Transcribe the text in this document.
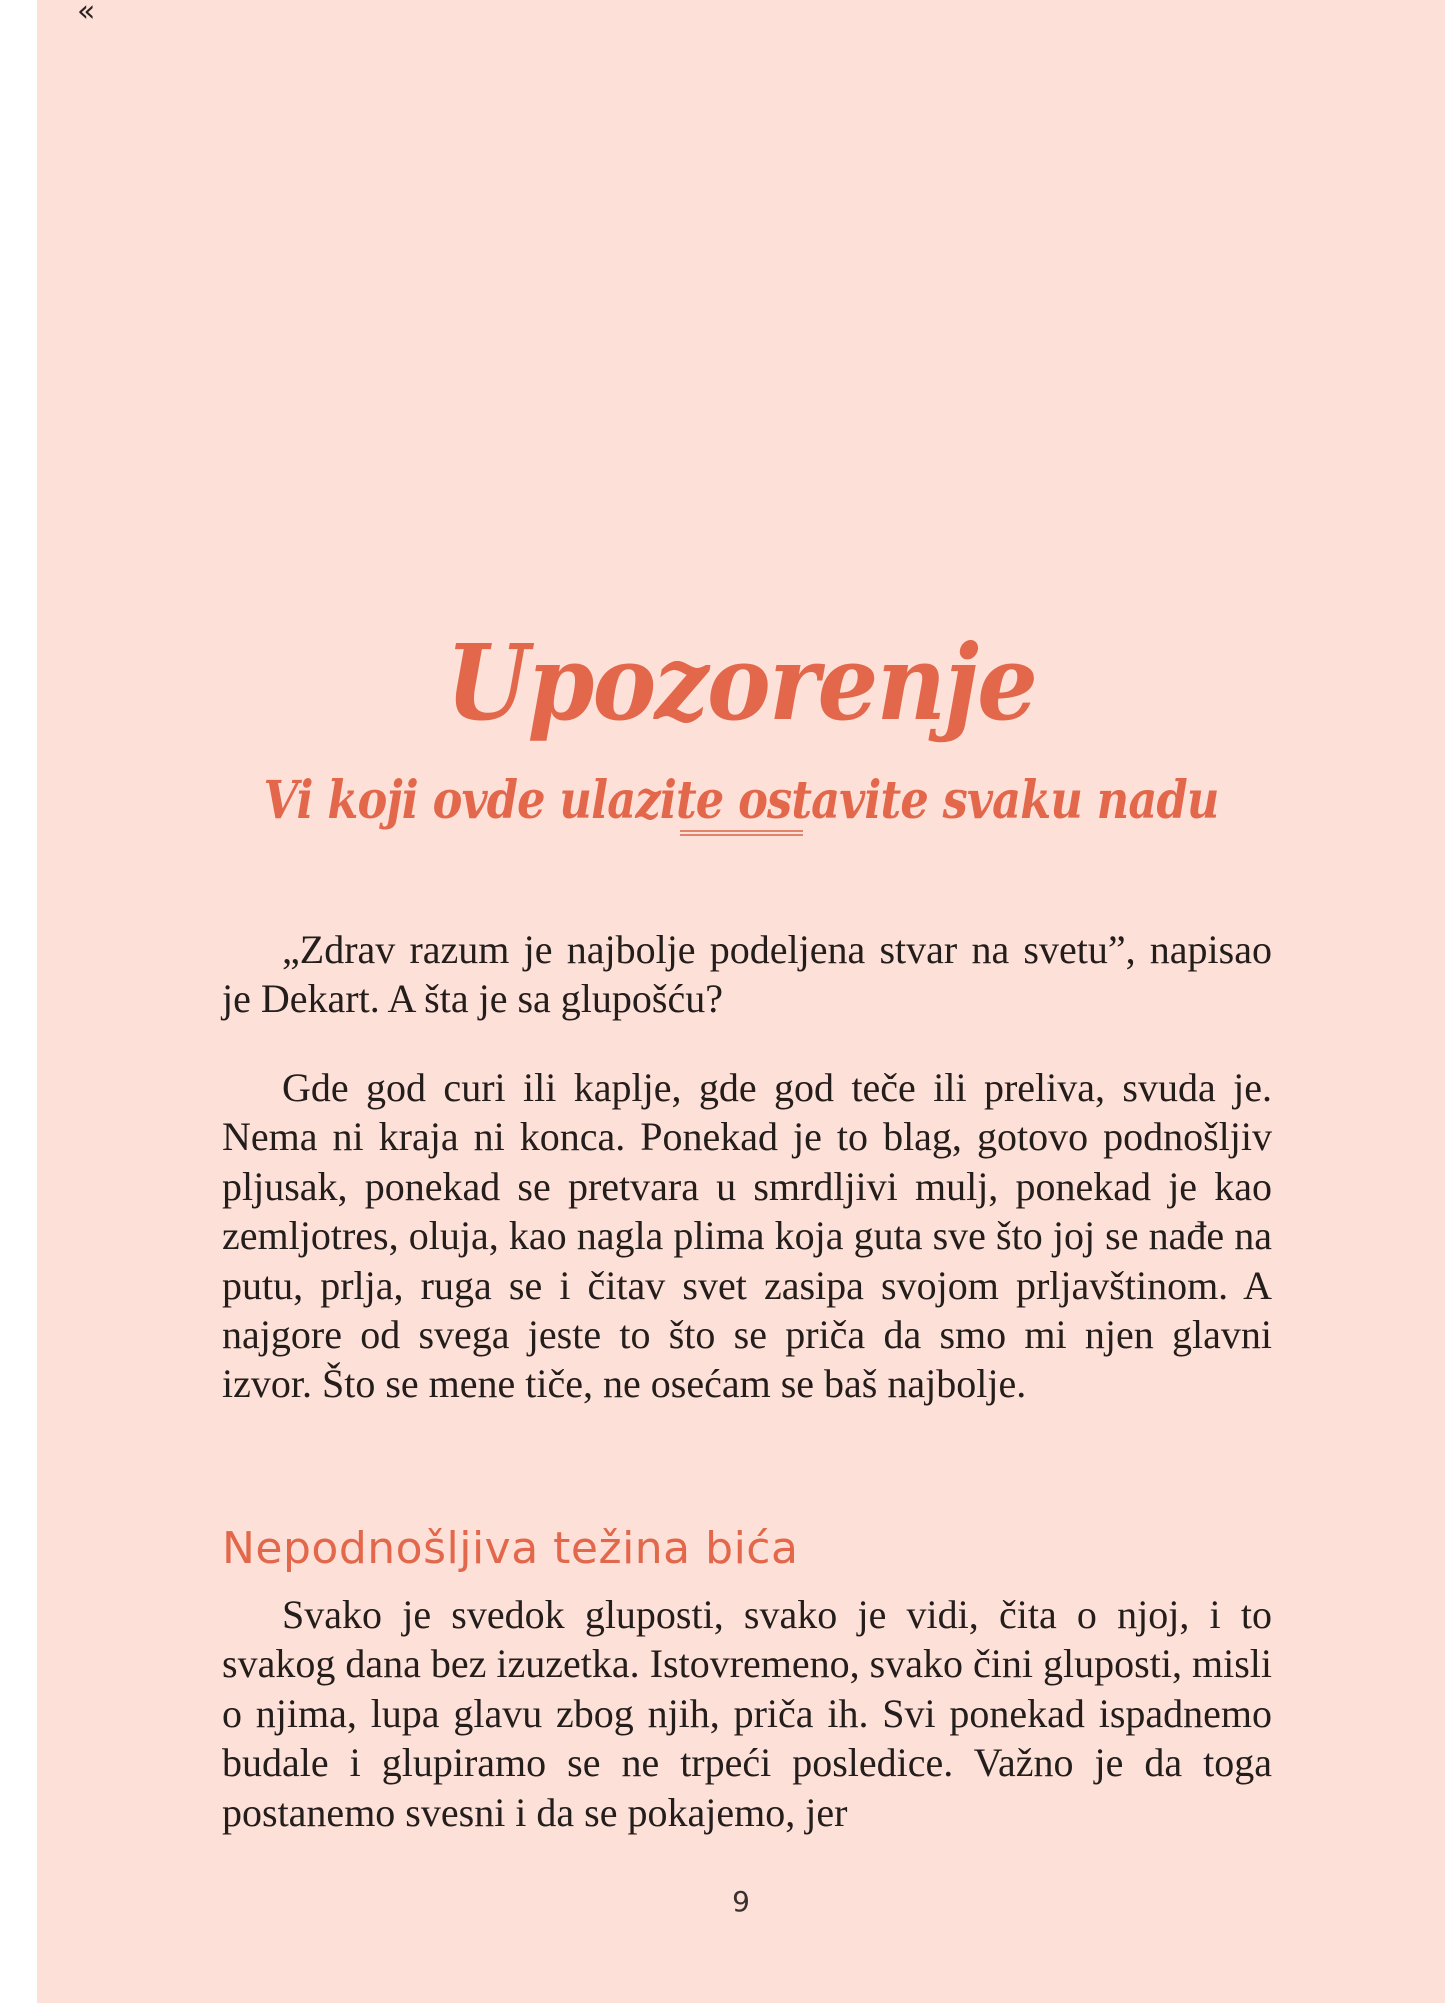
«
Upozorenje
Vi koji ovde ulazite ostavite svaku nadu

„Zdrav razum je najbolje podeljena stvar na svetu”, napisao je Dekart. A šta je sa glupošću?

Gde god curi ili kaplje, gde god teče ili preliva, svuda je. Nema ni kraja ni konca. Ponekad je to blag, gotovo podnošljiv pljusak, ponekad se pretvara u smrdljivi mulj, ponekad je kao zemljotres, oluja, kao nagla plima koja guta sve što joj se nađe na putu, prlja, ruga se i čitav svet zasipa svojom prljavštinom. A najgore od svega jeste to što se priča da smo mi njen glavni izvor. Što se mene tiče, ne osećam se baš najbolje.

Nepodnošljiva težina bića

Svako je svedok gluposti, svako je vidi, čita o njoj, i to svakog dana bez izuzetka. Istovremeno, svako čini gluposti, misli o njima, lupa glavu zbog njih, priča ih. Svi ponekad ispadnemo budale i glupiramo se ne trpeći posledice. Važno je da toga postanemo svesni i da se pokajemo, jer

9
